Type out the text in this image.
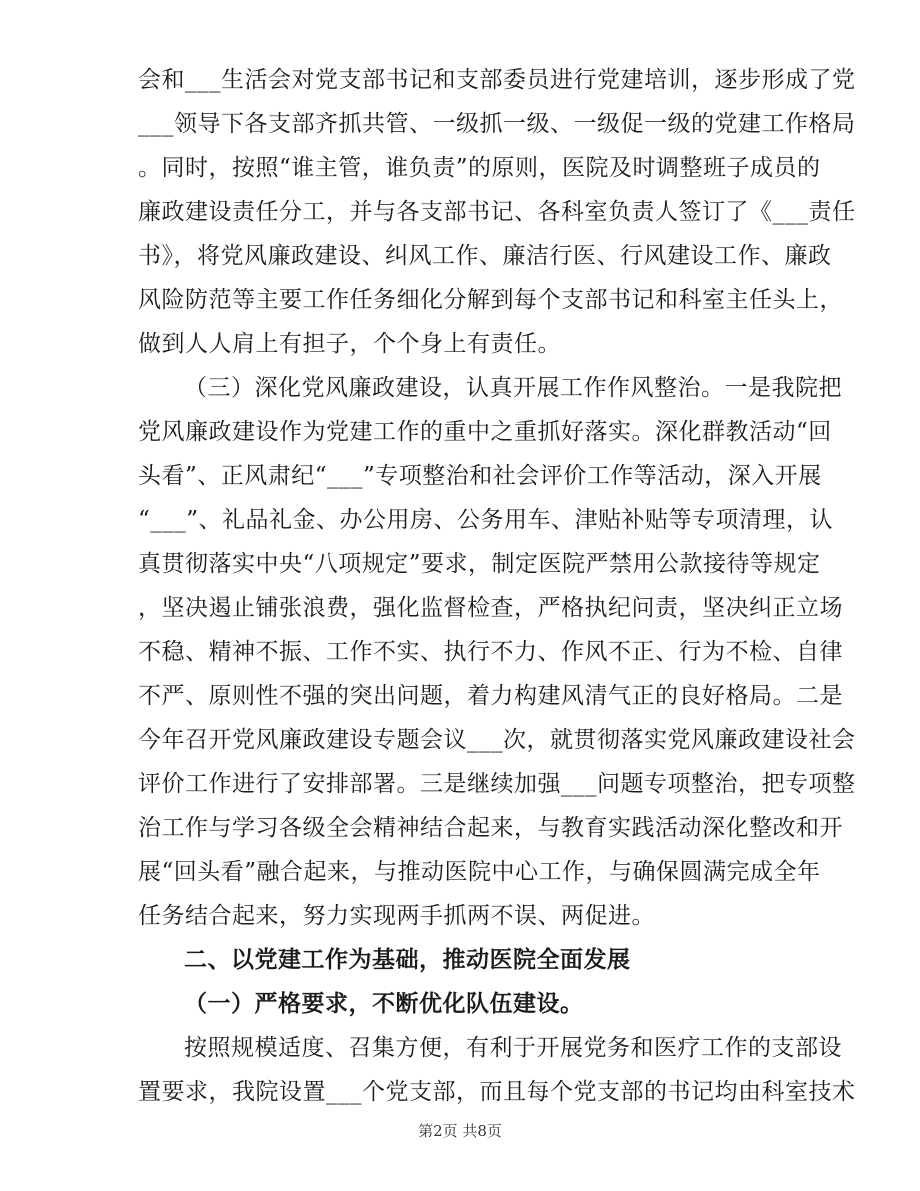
会和___生活会对党支部书记和支部委员进行党建培训，逐步形成了党
___领导下各支部齐抓共管、一级抓一级、一级促一级的党建工作格局
。同时，按照“谁主管，谁负责”的原则，医院及时调整班子成员的
廉政建设责任分工，并与各支部书记、各科室负责人签订了《___责任
书》，将党风廉政建设、纠风工作、廉洁行医、行风建设工作、廉政
风险防范等主要工作任务细化分解到每个支部书记和科室主任头上，
做到人人肩上有担子，个个身上有责任。
（三）深化党风廉政建设，认真开展工作作风整治。一是我院把
党风廉政建设作为党建工作的重中之重抓好落实。深化群教活动“回
头看”、正风肃纪“___”专项整治和社会评价工作等活动，深入开展
“___”、礼品礼金、办公用房、公务用车、津贴补贴等专项清理，认
真贯彻落实中央“八项规定”要求，制定医院严禁用公款接待等规定
，坚决遏止铺张浪费，强化监督检查，严格执纪问责，坚决纠正立场
不稳、精神不振、工作不实、执行不力、作风不正、行为不检、自律
不严、原则性不强的突出问题，着力构建风清气正的良好格局。二是
今年召开党风廉政建设专题会议___次，就贯彻落实党风廉政建设社会
评价工作进行了安排部署。三是继续加强___问题专项整治，把专项整
治工作与学习各级全会精神结合起来，与教育实践活动深化整改和开
展“回头看”融合起来，与推动医院中心工作，与确保圆满完成全年
任务结合起来，努力实现两手抓两不误、两促进。
二、以党建工作为基础，推动医院全面发展
（一）严格要求，不断优化队伍建设。
按照规模适度、召集方便，有利于开展党务和医疗工作的支部设
第2页 共8页
置要求，我院设置___个党支部，而且每个党支部的书记均由科室技术
